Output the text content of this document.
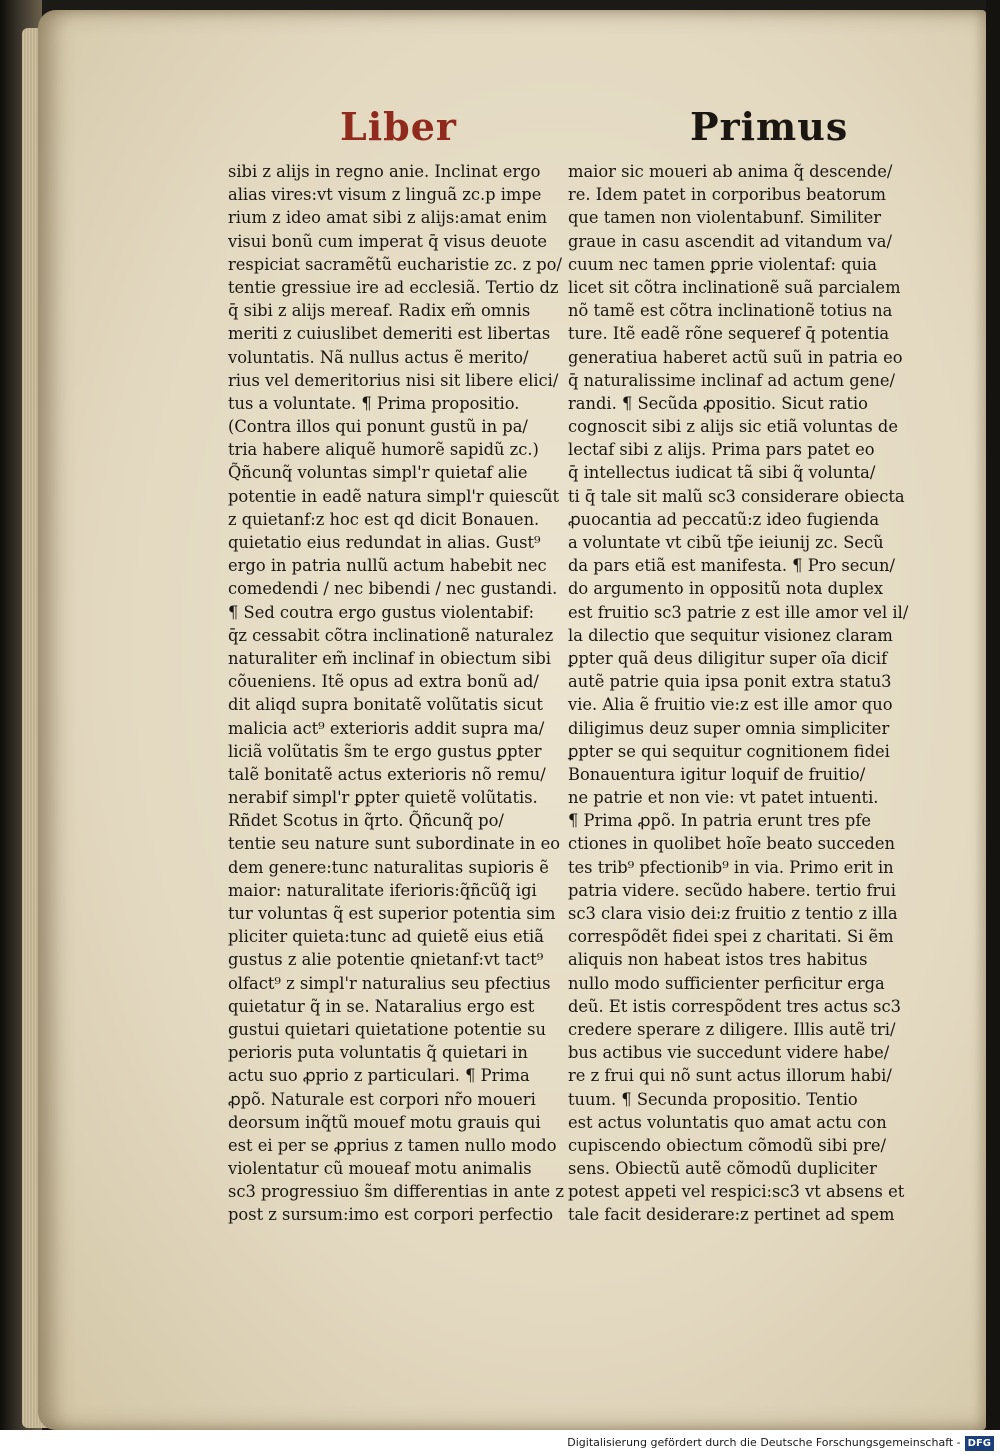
Liber	Primus
sibi z alijs in regno anie. Inclinat ergo
alias vires:vt visum z linguã zc.p impe
rium z ideo amat sibi z alijs:amat enim
visui bonũ cum imperat q̄ visus deuote
respiciat sacramẽtũ eucharistie zc. z po/
tentie gressiue ire ad ecclesiã. Tertio dz
q̄ sibi z alijs mereaf. Radix em̃ omnis
meriti z cuiuslibet demeriti est libertas
voluntatis. Nã nullus actus ẽ merito/
rius vel demeritorius nisi sit libere elici/
tus a voluntate. ¶ Prima propositio.
(Contra illos qui ponunt gustũ in pa/
tria habere aliquẽ humorẽ sapidũ zc.)
Q̃ñcunq̃ voluntas simpl'r quietaf alie
potentie in eadẽ natura simpl'r quiescũt
z quietanf:z hoc est qd dicit Bonauen.
quietatio eius redundat in alias. Gust⁹
ergo in patria nullũ actum habebit nec
comedendi / nec bibendi / nec gustandi.
¶ Sed coutra ergo gustus violentabif:
q̄z cessabit cõtra inclinationẽ naturalez
naturaliter em̃ inclinaf in obiectum sibi
cõueniens. Itẽ opus ad extra bonũ ad/
dit aliqd supra bonitatẽ volũtatis sicut
malicia act⁹ exterioris addit supra ma/
liciã volũtatis s̃m te ergo gustus ꝑpter
talẽ bonitatẽ actus exterioris nõ remu/
nerabif simpl'r ꝑpter quietẽ volũtatis.
Rñdet Scotus in q̃rto. Q̃ñcunq̃ po/
tentie seu nature sunt subordinate in eo
dem genere:tunc naturalitas supioris ẽ
maior: naturalitate iferioris:q̃ñcũq̃ igi
tur voluntas q̃ est superior potentia sim
pliciter quieta:tunc ad quietẽ eius etiã
gustus z alie potentie qnietanf:vt tact⁹
olfact⁹ z simpl'r naturalius seu pfectius
quietatur q̃ in se. Nataralius ergo est
gustui quietari quietatione potentie su
perioris puta voluntatis q̃ quietari in
actu suo ꝓprio z particulari. ¶ Prima
ꝓpõ. Naturale est corpori nr̃o moueri
deorsum inq̃tũ mouef motu grauis qui
est ei per se ꝓprius z tamen nullo modo
violentatur cũ moueaf motu animalis
sc3 progressiuo s̃m differentias in ante z
post z sursum:imo est corpori perfectio
maior sic moueri ab anima q̃ descende/
re. Idem patet in corporibus beatorum
que tamen non violentabunf. Similiter
graue in casu ascendit ad vitandum va/
cuum nec tamen ꝑprie violentaf: quia
licet sit cõtra inclinationẽ suã parcialem
nõ tamẽ est cõtra inclinationẽ totius na
ture. Itẽ eadẽ rõne sequeref q̄ potentia
generatiua haberet actũ suũ in patria eo
q̄ naturalissime inclinaf ad actum gene/
randi. ¶ Secũda ꝓpositio. Sicut ratio
cognoscit sibi z alijs sic etiã voluntas de
lectaf sibi z alijs. Prima pars patet eo
q̄ intellectus iudicat tã sibi q̃ volunta/
ti q̄ tale sit malũ sc3 considerare obiecta
ꝓuocantia ad peccatũ:z ideo fugienda
a voluntate vt cibũ tp̃e ieiunij zc. Secũ
da pars etiã est manifesta. ¶ Pro secun/
do argumento in oppositũ nota duplex
est fruitio sc3 patrie z est ille amor vel il/
la dilectio que sequitur visionez claram
ꝑpter quã deus diligitur super oĩa dicif
autẽ patrie quia ipsa ponit extra statu3
vie. Alia ẽ fruitio vie:z est ille amor quo
diligimus deuz super omnia simpliciter
ꝑpter se qui sequitur cognitionem fidei
Bonauentura igitur loquif de fruitio/
ne patrie et non vie: vt patet intuenti.
¶ Prima ꝓpõ. In patria erunt tres pfe
ctiones in quolibet hoĩe beato succeden
tes trib⁹ pfectionib⁹ in via. Primo erit in
patria videre. secũdo habere. tertio frui
sc3 clara visio dei:z fruitio z tentio z illa
correspõdẽt fidei spei z charitati. Si ẽm
aliquis non habeat istos tres habitus
nullo modo sufficienter perficitur erga
deũ. Et istis correspõdent tres actus sc3
credere sperare z diligere. Illis autẽ tri/
bus actibus vie succedunt videre habe/
re z frui qui nõ sunt actus illorum habi/
tuum. ¶ Secunda propositio. Tentio
est actus voluntatis quo amat actu con
cupiscendo obiectum cõmodũ sibi pre/
sens. Obiectũ autẽ cõmodũ dupliciter
potest appeti vel respici:sc3 vt absens et
tale facit desiderare:z pertinet ad spem
Digitalisierung gefördert durch die Deutsche Forschungsgemeinschaft - DFG
